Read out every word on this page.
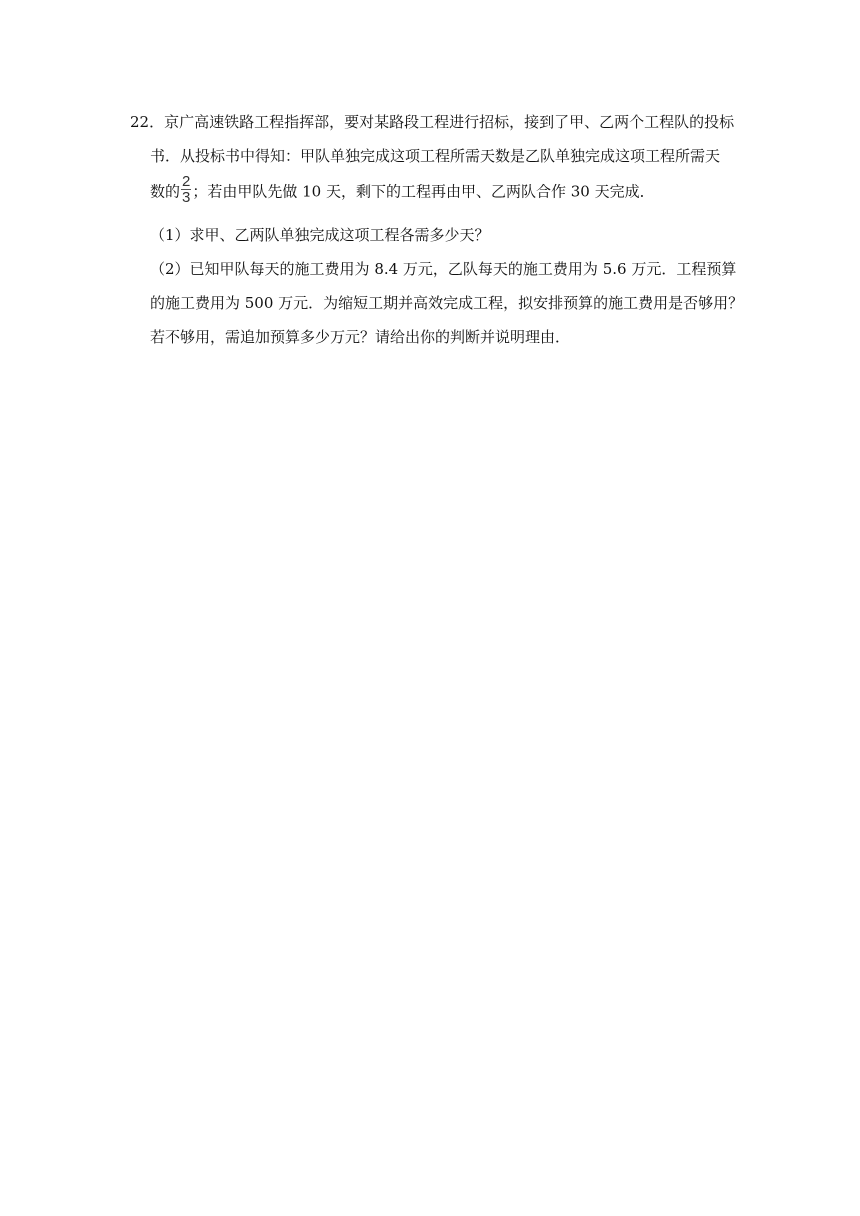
22．京广高速铁路工程指挥部，要对某路段工程进行招标，接到了甲、乙两个工程队的投标
书．从投标书中得知：甲队单独完成这项工程所需天数是乙队单独完成这项工程所需天
数的 $\frac{2}{3}$ ；若由甲队先做 10 天，剩下的工程再由甲、乙两队合作 30 天完成．
（1）求甲、乙两队单独完成这项工程各需多少天？
（2）已知甲队每天的施工费用为 8.4 万元，乙队每天的施工费用为 5.6 万元．工程预算
的施工费用为 500 万元．为缩短工期并高效完成工程，拟安排预算的施工费用是否够用？
若不够用，需追加预算多少万元？请给出你的判断并说明理由．
